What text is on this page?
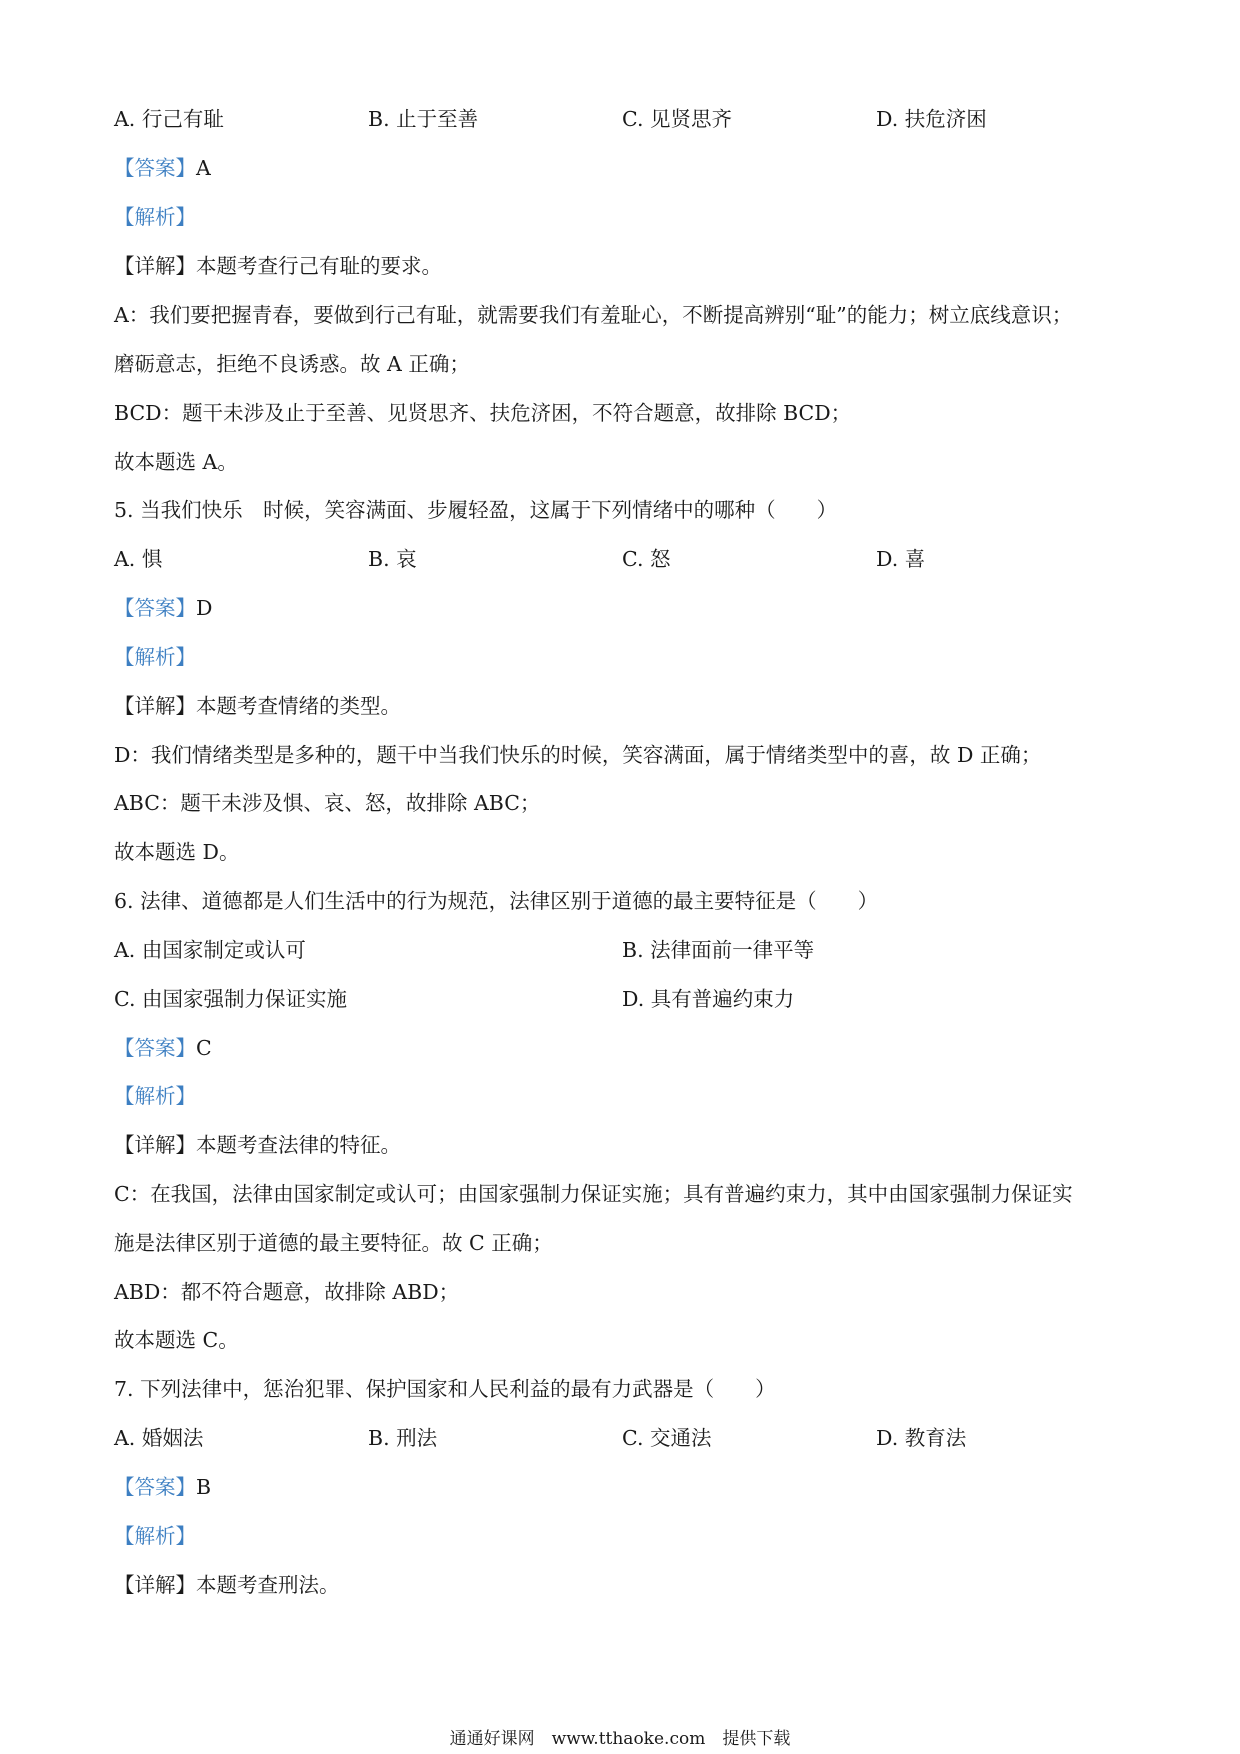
A. 行己有耻	B. 止于至善	C. 见贤思齐	D. 扶危济困
【答案】A
【解析】
【详解】本题考查行己有耻的要求。
A：我们要把握青春，要做到行己有耻，就需要我们有羞耻心，不断提高辨别“耻”的能力；树立底线意识；
磨砺意志，拒绝不良诱惑。故 A 正确；
BCD：题干未涉及止于至善、见贤思齐、扶危济困，不符合题意，故排除 BCD；
故本题选 A。
5. 当我们快乐　时候，笑容满面、步履轻盈，这属于下列情绪中的哪种（　　）
A. 惧	B. 哀	C. 怒	D. 喜
【答案】D
【解析】
【详解】本题考查情绪的类型。
D：我们情绪类型是多种的，题干中当我们快乐的时候，笑容满面，属于情绪类型中的喜，故 D 正确；
ABC：题干未涉及惧、哀、怒，故排除 ABC；
故本题选 D。
6. 法律、道德都是人们生活中的行为规范，法律区别于道德的最主要特征是（　　）
A. 由国家制定或认可	B. 法律面前一律平等
C. 由国家强制力保证实施	D. 具有普遍约束力
【答案】C
【解析】
【详解】本题考查法律的特征。
C：在我国，法律由国家制定或认可；由国家强制力保证实施；具有普遍约束力，其中由国家强制力保证实
施是法律区别于道德的最主要特征。故 C 正确；
ABD：都不符合题意，故排除 ABD；
故本题选 C。
7. 下列法律中，惩治犯罪、保护国家和人民利益的最有力武器是（　　）
A. 婚姻法	B. 刑法	C. 交通法	D. 教育法
【答案】B
【解析】
【详解】本题考查刑法。
通通好课网　www.tthaoke.com　提供下载
